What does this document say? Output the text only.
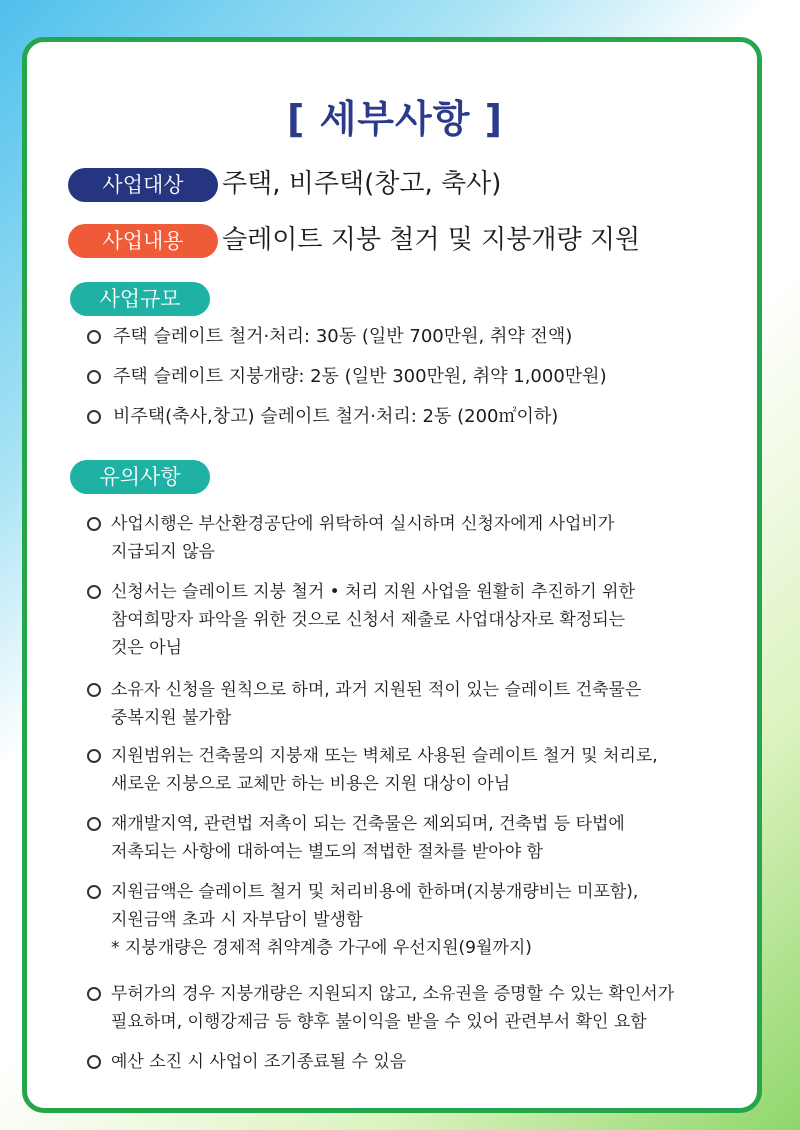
[ 세부사항 ]
사업대상	주택, 비주택(창고, 축사)
사업내용	슬레이트 지붕 철거 및 지붕개량 지원
사업규모
주택 슬레이트 철거·처리: 30동 (일반 700만원, 취약 전액)
주택 슬레이트 지붕개량: 2동 (일반 300만원, 취약 1,000만원)
비주택(축사,창고) 슬레이트 철거·처리: 2동 (200㎡이하)
유의사항
사업시행은 부산환경공단에 위탁하여 실시하며 신청자에게 사업비가
지급되지 않음
신청서는 슬레이트 지붕 철거 • 처리 지원 사업을 원활히 추진하기 위한
참여희망자 파악을 위한 것으로 신청서 제출로 사업대상자로 확정되는
것은 아님
소유자 신청을 원칙으로 하며, 과거 지원된 적이 있는 슬레이트 건축물은
중복지원 불가함
지원범위는 건축물의 지붕재 또는 벽체로 사용된 슬레이트 철거 및 처리로,
새로운 지붕으로 교체만 하는 비용은 지원 대상이 아님
재개발지역, 관련법 저촉이 되는 건축물은 제외되며, 건축법 등 타법에
저촉되는 사항에 대하여는 별도의 적법한 절차를 받아야 함
지원금액은 슬레이트 철거 및 처리비용에 한하며(지붕개량비는 미포함),
지원금액 초과 시 자부담이 발생함
* 지붕개량은 경제적 취약계층 가구에 우선지원(9월까지)
무허가의 경우 지붕개량은 지원되지 않고, 소유권을 증명할 수 있는 확인서가
필요하며, 이행강제금 등 향후 불이익을 받을 수 있어 관련부서 확인 요함
예산 소진 시 사업이 조기종료될 수 있음
